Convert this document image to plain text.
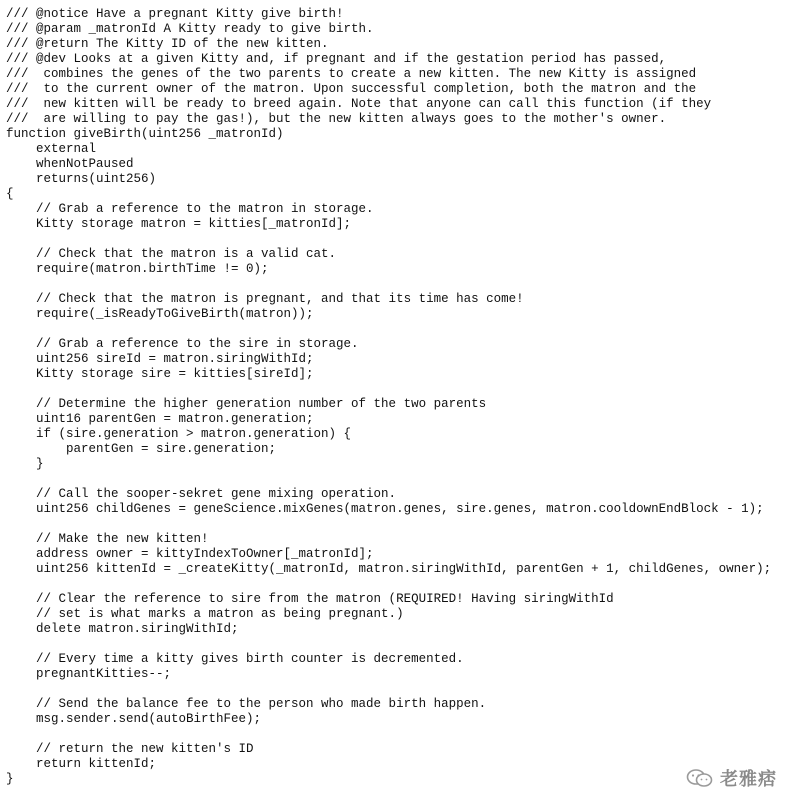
/// @notice Have a pregnant Kitty give birth!
/// @param _matronId A Kitty ready to give birth.
/// @return The Kitty ID of the new kitten.
/// @dev Looks at a given Kitty and, if pregnant and if the gestation period has passed,
///  combines the genes of the two parents to create a new kitten. The new Kitty is assigned
///  to the current owner of the matron. Upon successful completion, both the matron and the
///  new kitten will be ready to breed again. Note that anyone can call this function (if they
///  are willing to pay the gas!), but the new kitten always goes to the mother's owner.
function giveBirth(uint256 _matronId)
external
whenNotPaused
returns(uint256)
{
// Grab a reference to the matron in storage.
Kitty storage matron = kitties[_matronId];
// Check that the matron is a valid cat.
require(matron.birthTime != 0);
// Check that the matron is pregnant, and that its time has come!
require(_isReadyToGiveBirth(matron));
// Grab a reference to the sire in storage.
uint256 sireId = matron.siringWithId;
Kitty storage sire = kitties[sireId];
// Determine the higher generation number of the two parents
uint16 parentGen = matron.generation;
if (sire.generation > matron.generation) {
parentGen = sire.generation;
}
// Call the sooper-sekret gene mixing operation.
uint256 childGenes = geneScience.mixGenes(matron.genes, sire.genes, matron.cooldownEndBlock - 1);
// Make the new kitten!
address owner = kittyIndexToOwner[_matronId];
uint256 kittenId = _createKitty(_matronId, matron.siringWithId, parentGen + 1, childGenes, owner);
// Clear the reference to sire from the matron (REQUIRED! Having siringWithId
// set is what marks a matron as being pregnant.)
delete matron.siringWithId;
// Every time a kitty gives birth counter is decremented.
pregnantKitties--;
// Send the balance fee to the person who made birth happen.
msg.sender.send(autoBirthFee);
// return the new kitten's ID
return kittenId;
}	老雅痞
